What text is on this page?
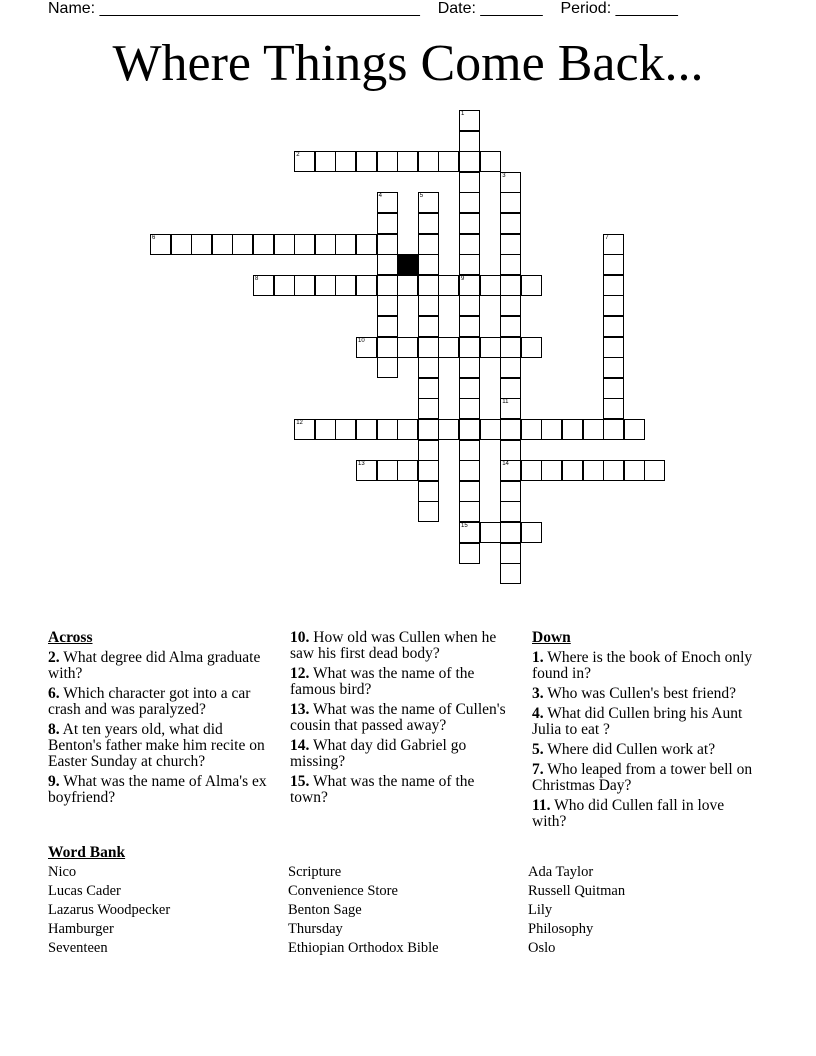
Name: ____________________________________    Date: _______    Period: _______
Where Things Come Back...
1
9
15
2
3
11
14
4	5
6	7
8
10
12
13
Across
2. What degree did Alma graduate with?
6. Which character got into a car crash and was paralyzed?
8. At ten years old, what did Benton's father make him recite on Easter Sunday at church?
9. What was the name of Alma's ex boyfriend?
10. How old was Cullen when he saw his first dead body?
12. What was the name of the famous bird?
13. What was the name of Cullen's cousin that passed away?
14. What day did Gabriel go missing?
15. What was the name of the town?
Down
1. Where is the book of Enoch only found in?
3. Who was Cullen's best friend?
4. What did Cullen bring his Aunt Julia to eat ?
5. Where did Cullen work at?
7. Who leaped from a tower bell on Christmas Day?
11. Who did Cullen fall in love with?
Word Bank
Nico
Lucas Cader
Lazarus Woodpecker
Hamburger
Seventeen
Scripture
Convenience Store
Benton Sage
Thursday
Ethiopian Orthodox Bible
Ada Taylor
Russell Quitman
Lily
Philosophy
Oslo
